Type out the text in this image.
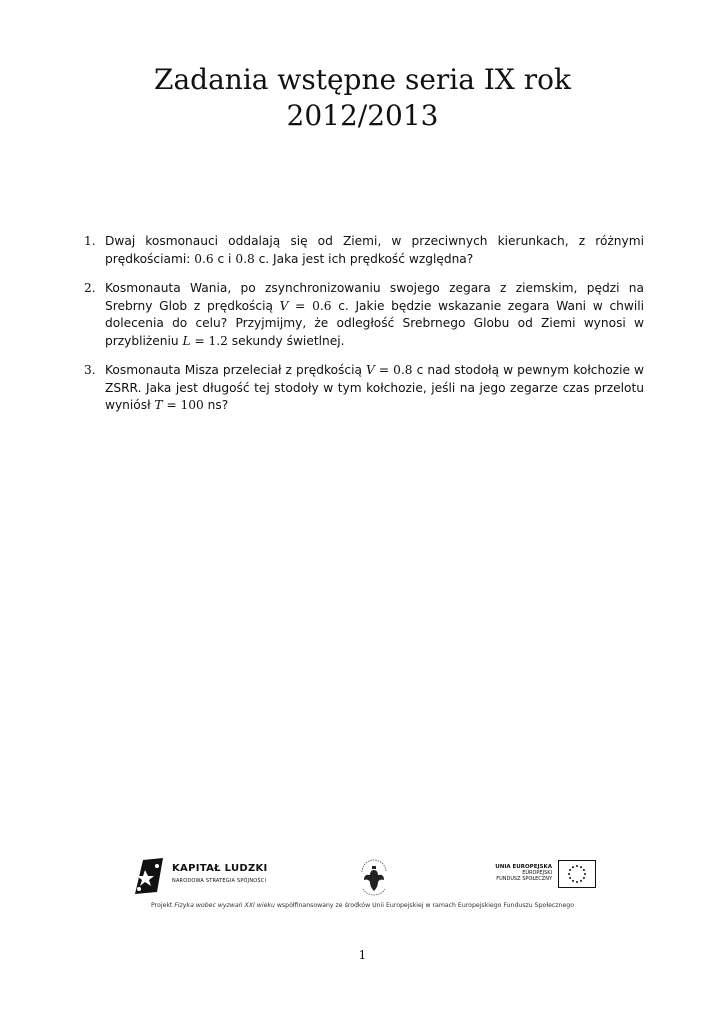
Zadania wstępne seria IX rok
2012/2013
1. Dwaj kosmonauci oddalają się od Ziemi, w przeciwnych kierunkach, z różnymi prędkościami: 0.6 c i 0.8 c. Jaka jest ich prędkość względna?
2. Kosmonauta Wania, po zsynchronizowaniu swojego zegara z ziemskim, pędzi na Srebrny Glob z prędkością V = 0.6 c. Jakie będzie wskazanie zegara Wani w chwili dolecenia do celu? Przyjmijmy, że odległość Srebrnego Globu od Ziemi wynosi w przybliżeniu L = 1.2 sekundy świetlnej.
3. Kosmonauta Misza przeleciał z prędkością V = 0.8 c nad stodołą w pewnym kołchozie w ZSRR. Jaka jest długość tej stodoły w tym kołchozie, jeśli na jego zegarze czas przelotu wyniósł T = 100 ns?
KAPITAŁ LUDZKI
NARODOWA STRATEGIA SPÓJNOŚCI
UNIA EUROPEJSKA
EUROPEJSKI
FUNDUSZ SPOŁECZNY
Projekt Fizyka wobec wyzwań XXI wieku współfinansowany ze środków Unii Europejskiej w ramach Europejskiego Funduszu Społecznego
1
